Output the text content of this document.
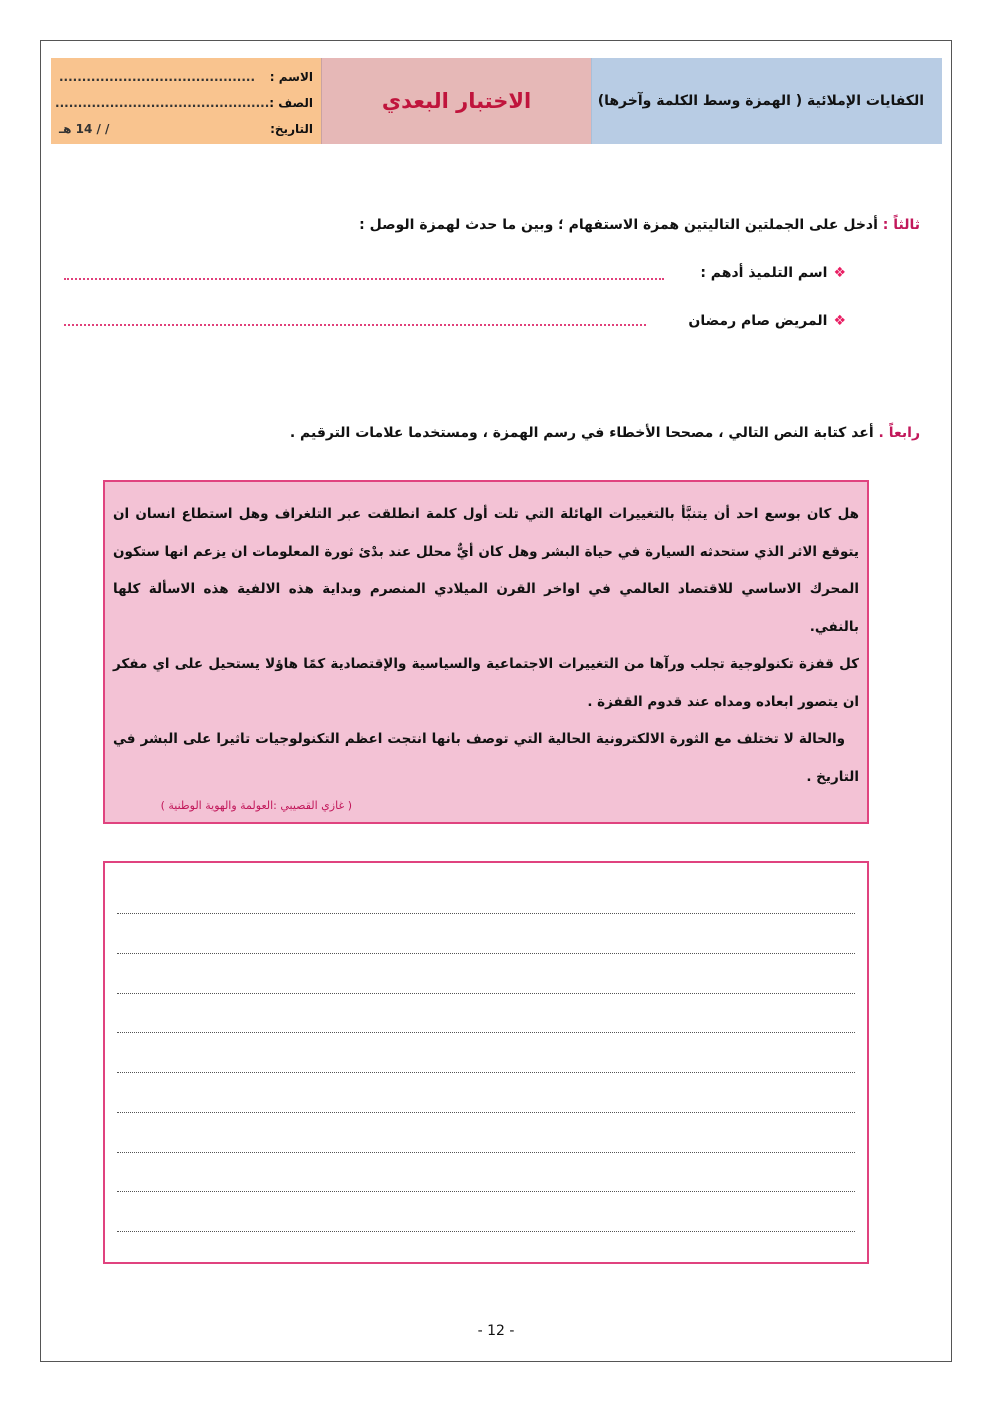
الاسم :
...........................................
الصف :
...............................................
التاريخ:
/ / 14 هـ
الاختبار البعدي	الكفايات الإملائية ( الهمزة وسط الكلمة وآخرها)
ثالثاً : أدخل على الجملتين التاليتين همزة الاستفهام ؛ وبين ما حدث لهمزة الوصل :
❖اسم التلميذ أدهم :
❖المريض صام رمضان
رابعاً . أعد كتابة النص التالي ، مصححا الأخطاء في رسم الهمزة ، ومستخدما علامات الترقيم .

هل كان بوسع احد أن يتنبَّأ بالتغييرات الهائلة التي تلت أول كلمة انطلقت عبر التلغراف وهل استطاع انسان ان يتوقع الاثر الذي ستحدثه السيارة في حياة البشر وهل كان أيٌّ محلل عند بدْئ ثورة المعلومات ان يزعم انها ستكون المحرك الاساسي للاقتصاد العالمي في اواخر القرن الميلادي المنصرم وبداية هذه الالفية هذه الاسألة كلها بالنفي.

كل قفزة تكنولوجية تجلب ورآها من التغييرات الاجتماعية والسياسية والإقتصادية كمًا هاؤلا يستحيل على اي مفكر ان يتصور ابعاده ومداه عند قدوم القفزة .

والحالة لا تختلف مع الثورة الالكترونية الحالية التي توصف بانها انتجت اعظم التكنولوجيات تاثيرا على البشر في التاريخ .

( غازي القصيبي :العولمة والهوية الوطنية )

- 12 -
